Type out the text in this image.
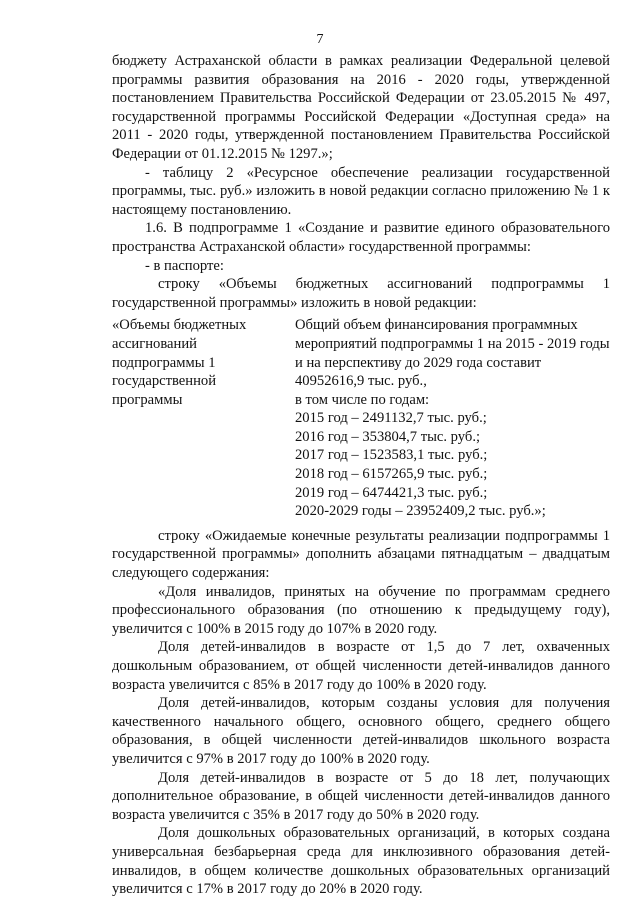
7

бюджету Астраханской области в рамках реализации Федеральной целевой программы развития образования на 2016 - 2020 годы, утвержденной постановлением Правительства Российской Федерации от 23.05.2015 № 497, государственной программы Российской Федерации «Доступная среда» на 2011 - 2020 годы, утвержденной постановлением Правительства Российской Федерации от 01.12.2015 № 1297.»;

- таблицу 2 «Ресурсное обеспечение реализации государственной программы, тыс. руб.» изложить в новой редакции согласно приложению № 1 к настоящему постановлению.

1.6. В подпрограмме 1 «Создание и развитие единого образовательного пространства Астраханской области» государственной программы:

- в паспорте:

строку «Объемы бюджетных ассигнований подпрограммы 1 государственной программы» изложить в новой редакции:

«Объемы бюджетных ассигнований подпрограммы 1 государственной программы

Общий объем финансирования программных мероприятий подпрограммы 1 на 2015 - 2019 годы и на перспективу до 2029 года составит 40952616,9 тыс. руб.,

в том числе по годам:

2015 год – 2491132,7 тыс. руб.;

2016 год – 353804,7 тыс. руб.;

2017 год – 1523583,1 тыс. руб.;

2018 год – 6157265,9 тыс. руб.;

2019 год – 6474421,3 тыс. руб.;

2020-2029 годы – 23952409,2 тыс. руб.»;

строку «Ожидаемые конечные результаты реализации подпрограммы 1 государственной программы» дополнить абзацами пятнадцатым – двадцатым следующего содержания:

«Доля инвалидов, принятых на обучение по программам среднего профессионального образования (по отношению к предыдущему году), увеличится с 100% в 2015 году до 107% в 2020 году.

Доля детей-инвалидов в возрасте от 1,5 до 7 лет, охваченных дошкольным образованием, от общей численности детей-инвалидов данного возраста увеличится с 85% в 2017 году до 100% в 2020 году.

Доля детей-инвалидов, которым созданы условия для получения качественного начального общего, основного общего, среднего общего образования, в общей численности детей-инвалидов школьного возраста увеличится с 97% в 2017 году до 100% в 2020 году.

Доля детей-инвалидов в возрасте от 5 до 18 лет, получающих дополнительное образование, в общей численности детей-инвалидов данного возраста увеличится с 35% в 2017 году до 50% в 2020 году.

Доля дошкольных образовательных организаций, в которых создана универсальная безбарьерная среда для инклюзивного образования детей-инвалидов, в общем количестве дошкольных образовательных организаций увеличится с 17% в 2017 году до 20% в 2020 году.
